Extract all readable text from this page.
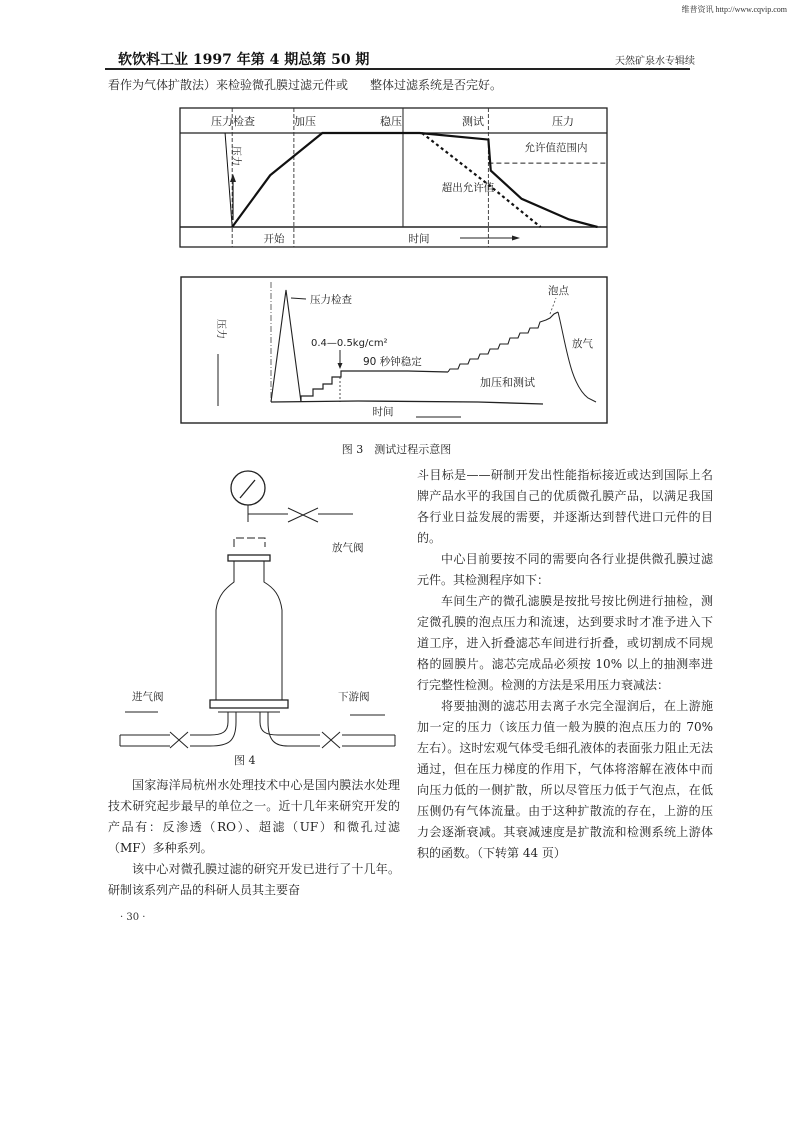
维普资讯 http://www.cqvip.com
软饮料工业 1997 年第 4 期总第 50 期	天然矿泉水专辑续
看作为气体扩散法）来检验微孔膜过滤元件或 整体过滤系统是否完好。
压力检查	加压	稳压	测试	压力
压力	允许值范围内
超出允许值
开始	时间
压力
压力检查
0.4—0.5kg/cm²
90 秒钟稳定
泡点
放气
加压和测试
时间
图 3　测试过程示意图
放气阀
进气阀	下游阀
图 4

国家海洋局杭州水处理技术中心是国内膜法水处理技术研究起步最早的单位之一。近十几年来研究开发的产品有：反渗透（RO）、超滤（UF）和微孔过滤（MF）多种系列。

该中心对微孔膜过滤的研究开发已进行了十几年。研制该系列产品的科研人员其主要奋

斗目标是——研制开发出性能指标接近或达到国际上名牌产品水平的我国自己的优质微孔膜产品，以满足我国各行业日益发展的需要，并逐渐达到替代进口元件的目的。

中心目前要按不同的需要向各行业提供微孔膜过滤元件。其检测程序如下：

车间生产的微孔滤膜是按批号按比例进行抽检，测定微孔膜的泡点压力和流速，达到要求时才准予进入下道工序，进入折叠滤芯车间进行折叠，或切割成不同规格的圆膜片。滤芯完成品必须按 10% 以上的抽测率进行完整性检测。检测的方法是采用压力衰减法：

将要抽测的滤芯用去离子水完全湿润后，在上游施加一定的压力（该压力值一般为膜的泡点压力的 70% 左右）。这时宏观气体受毛细孔液体的表面张力阻止无法通过，但在压力梯度的作用下，气体将溶解在液体中而向压力低的一侧扩散，所以尽管压力低于气泡点，在低压侧仍有气体流量。由于这种扩散流的存在，上游的压力会逐渐衰减。其衰减速度是扩散流和检测系统上游体积的函数。（下转第 44 页）

· 30 ·
